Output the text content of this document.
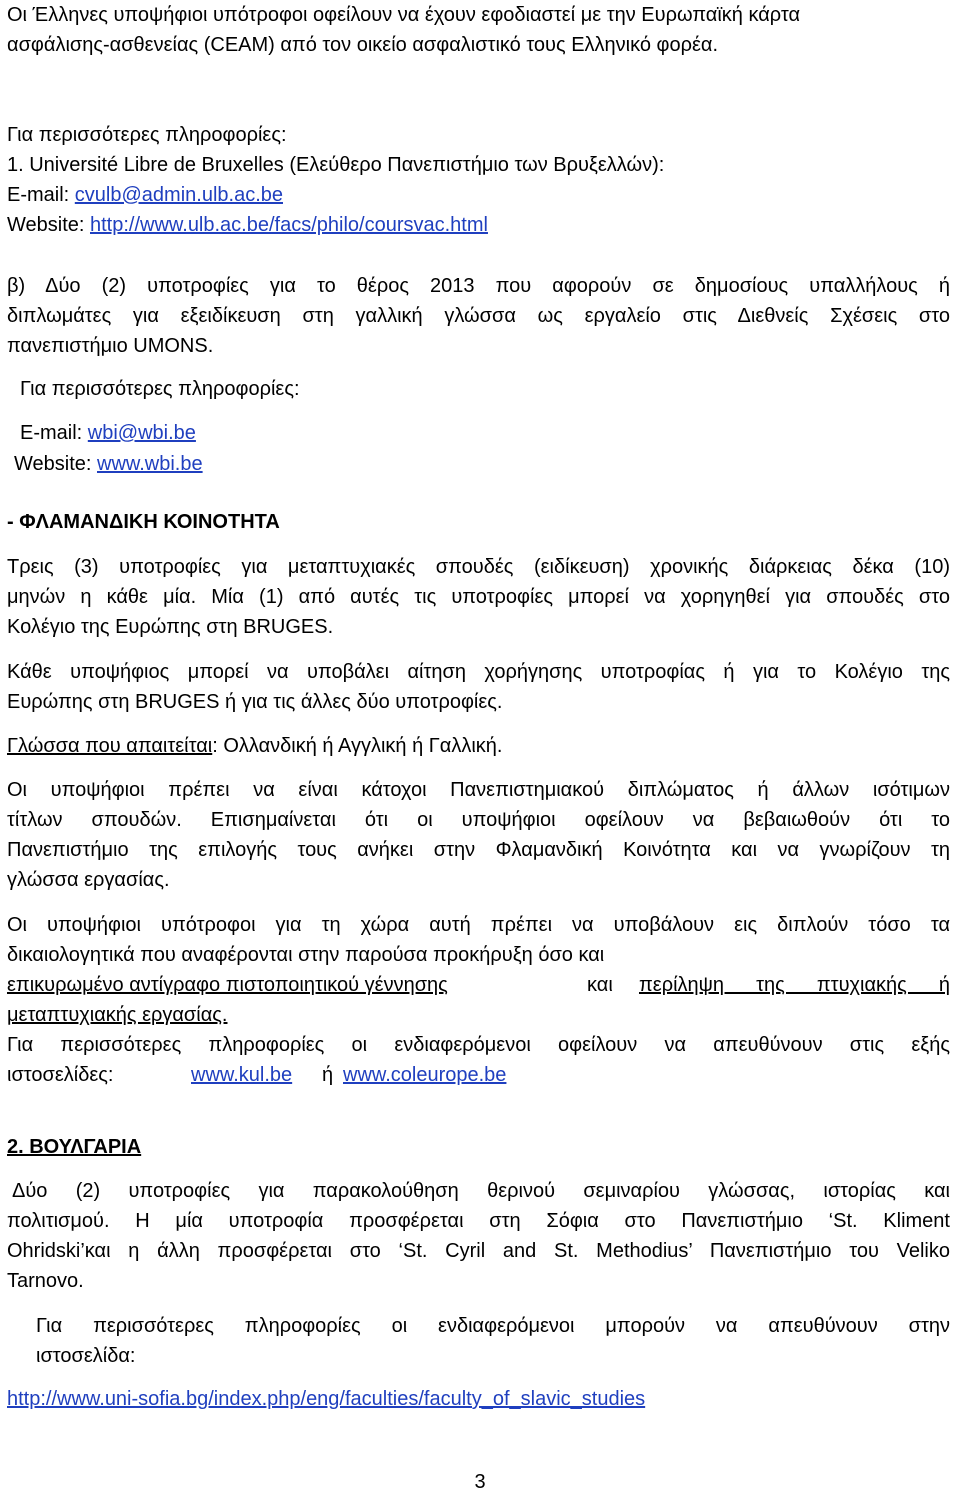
Οι Έλληνες υποψήφιοι υπότροφοι οφείλουν να έχουν εφοδιαστεί με την Ευρωπαϊκή κάρτα
ασφάλισης-ασθενείας (CEAM) από τον οικείο ασφαλιστικό τους Ελληνικό φορέα.
Για περισσότερες πληροφορίες:
1. Université Libre de Bruxelles (Ελεύθερο Πανεπιστήμιο των Βρυξελλών):
E-mail: cvulb@admin.ulb.ac.be
Website: http://www.ulb.ac.be/facs/philo/coursvac.html
β) Δύο (2) υποτροφίες για το θέρος 2013 που αφορούν σε δημοσίους υπαλλήλους ή
διπλωμάτες για εξειδίκευση στη γαλλική γλώσσα ως εργαλείο στις Διεθνείς Σχέσεις στο
πανεπιστήμιο UMONS.
Για περισσότερες πληροφορίες:
E-mail: wbi@wbi.be
Website: www.wbi.be
- ΦΛΑΜΑΝΔΙΚΗ ΚΟΙΝΟΤΗΤΑ
Τρεις (3) υποτροφίες για μεταπτυχιακές σπουδές (ειδίκευση) χρονικής διάρκειας δέκα (10)
μηνών η κάθε μία. Μία (1) από αυτές τις υποτροφίες μπορεί να χορηγηθεί για σπουδές στο
Κολέγιο της Ευρώπης στη BRUGES.
Κάθε υποψήφιος μπορεί να υποβάλει αίτηση χορήγησης υποτροφίας ή για το Κολέγιο της
Ευρώπης στη BRUGES ή για τις άλλες δύο υποτροφίες.
Γλώσσα που απαιτείται: Ολλανδική ή Αγγλική ή Γαλλική.
Οι υποψήφιοι πρέπει να είναι κάτοχοι Πανεπιστημιακού διπλώματος ή άλλων ισότιμων
τίτλων σπουδών. Επισημαίνεται ότι οι υποψήφιοι οφείλουν να βεβαιωθούν ότι το
Πανεπιστήμιο της επιλογής τους ανήκει στην Φλαμανδική Κοινότητα και να γνωρίζουν τη
γλώσσα εργασίας.
Οι υποψήφιοι υπότροφοι για τη χώρα αυτή πρέπει να υποβάλουν εις διπλούν τόσο τα
δικαιολογητικά που αναφέρονται στην παρούσα προκήρυξη όσο και
επικυρωμένο αντίγραφο πιστοποιητικού γέννησης	και περίληψη της πτυχιακής ή
μεταπτυχιακής εργασίας.
Για περισσότερες πληροφορίες οι ενδιαφερόμενοι οφείλουν να απευθύνουν στις εξής
ιστοσελίδες:	www.kul.be ή www.coleurope.be
2. ΒΟΥΛΓΑΡΙΑ
Δύο (2) υποτροφίες για παρακολούθηση θερινού σεμιναρίου γλώσσας, ιστορίας και
πολιτισμού. Η μία υποτροφία προσφέρεται στη Σόφια στο Πανεπιστήμιο ‘St. Kliment
Ohridski’και η άλλη προσφέρεται στο ‘St. Cyril and St. Methodius’ Πανεπιστήμιο του Veliko
Tarnovo.
Για περισσότερες πληροφορίες οι ενδιαφερόμενοι μπορούν να απευθύνουν στην
ιστοσελίδα:
http://www.uni-sofia.bg/index.php/eng/faculties/faculty_of_slavic_studies
3
